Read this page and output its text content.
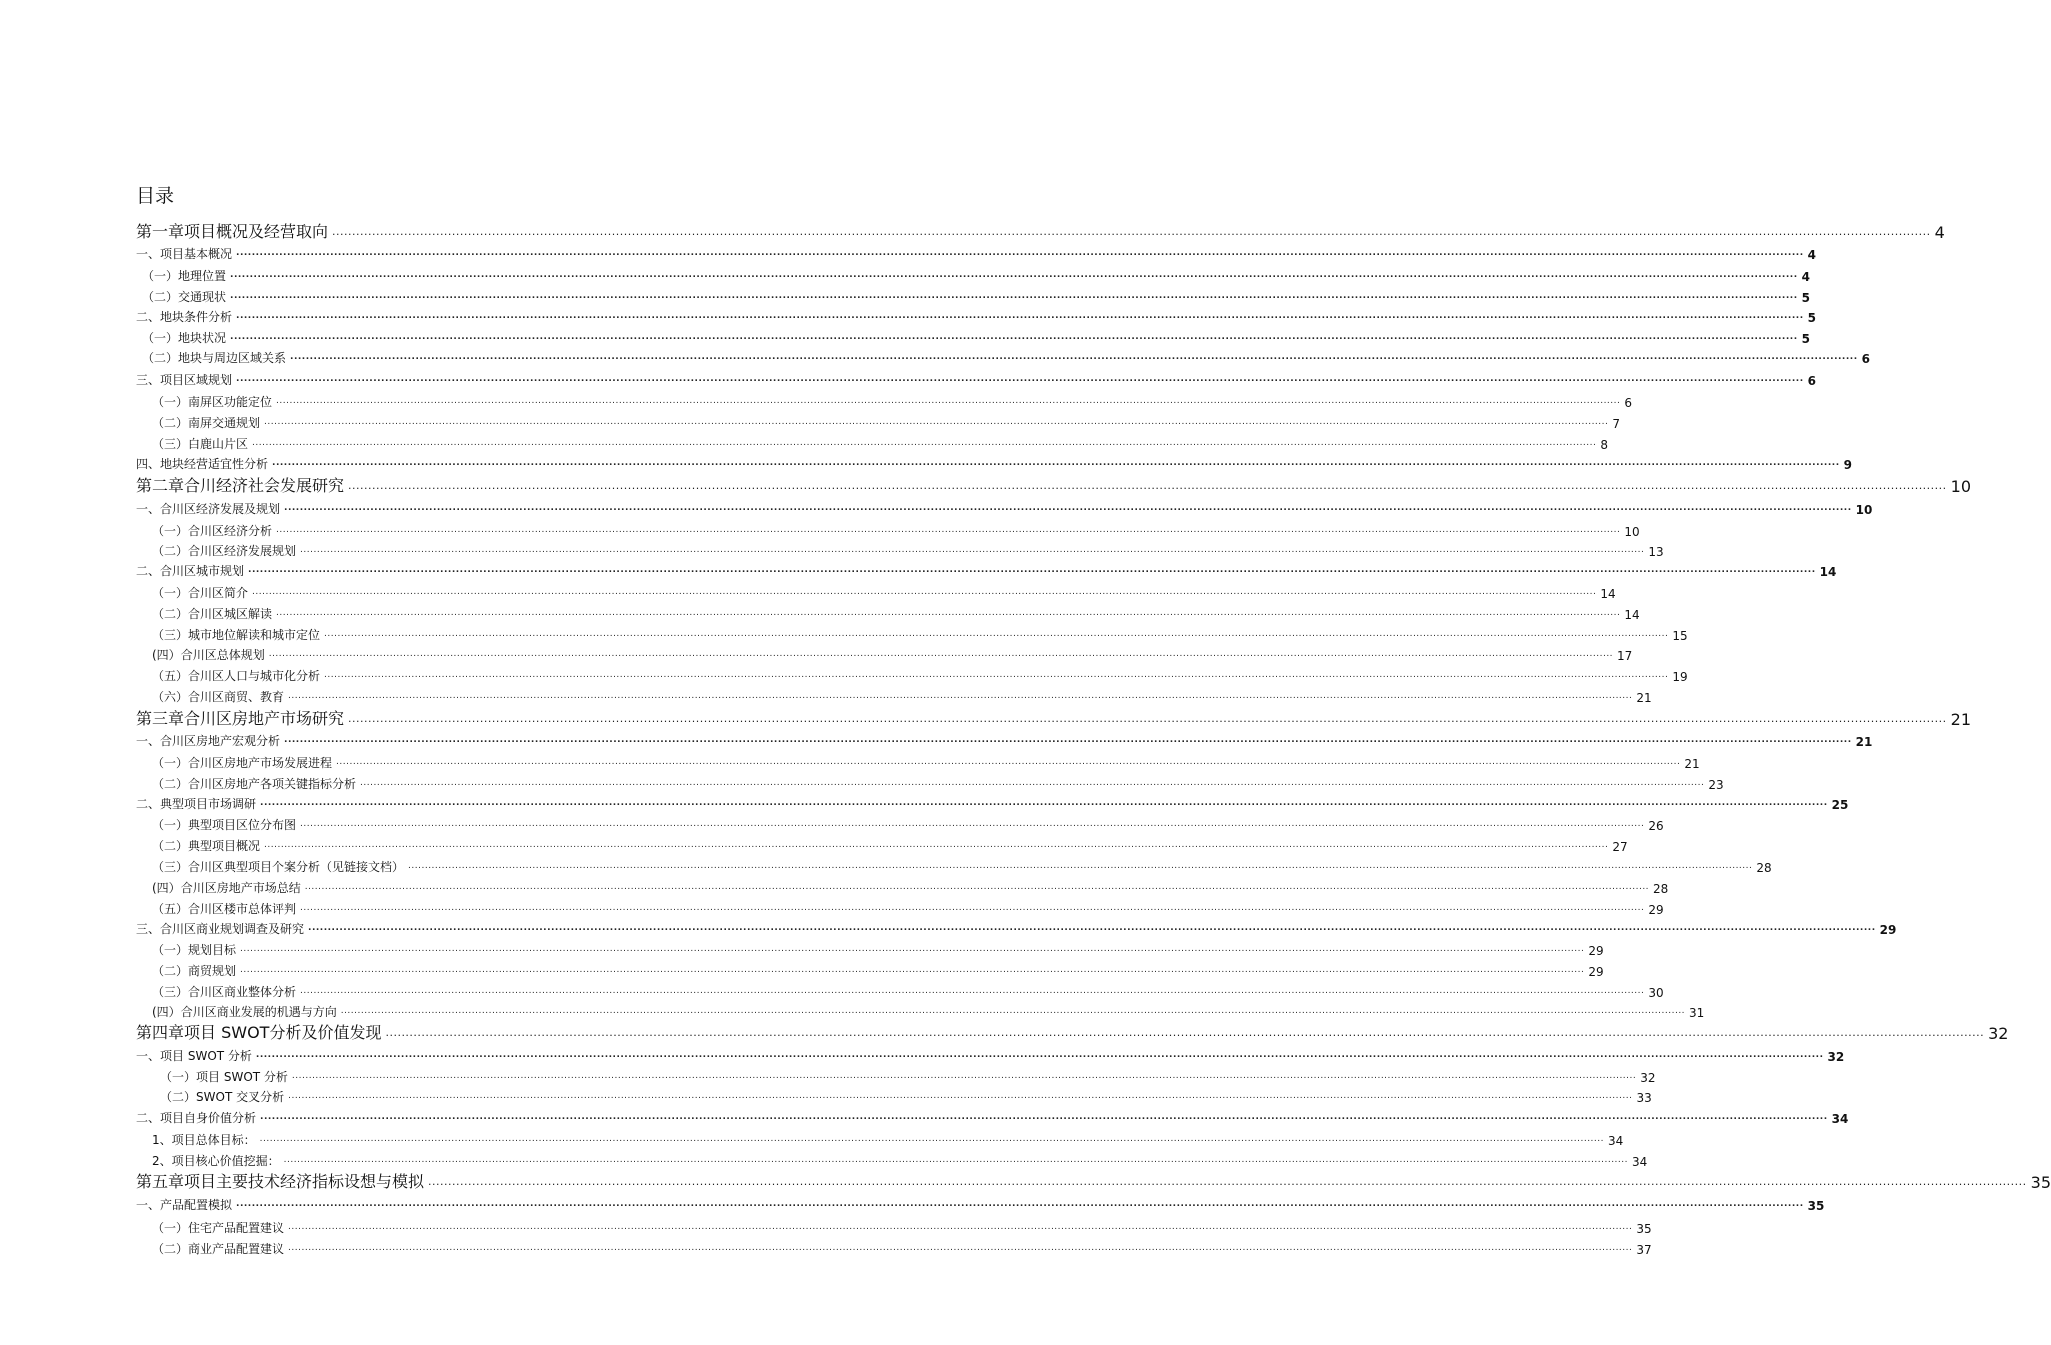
目录
第一章 项目概况及经营取向 ................................................................................................................................................................................................................................................................................................................................................................................................................ 4
一、 项目基本概况 ................................................................................................................................................................................................................................................................................................................................................................................................................ 4
（一） 地理位置 ................................................................................................................................................................................................................................................................................................................................................................................................................ 4
（二） 交通现状 ................................................................................................................................................................................................................................................................................................................................................................................................................ 5
二、 地块条件分析 ................................................................................................................................................................................................................................................................................................................................................................................................................ 5
（一） 地块状况 ................................................................................................................................................................................................................................................................................................................................................................................................................ 5
（二） 地块与周边区域关系 ................................................................................................................................................................................................................................................................................................................................................................................................................ 6
三、 项目区域规划 ................................................................................................................................................................................................................................................................................................................................................................................................................ 6
（一） 南屏区功能定位 ................................................................................................................................................................................................................................................................................................................................................................................................................ 6
（二） 南屏交通规划 ................................................................................................................................................................................................................................................................................................................................................................................................................ 7
（三） 白鹿山片区 ................................................................................................................................................................................................................................................................................................................................................................................................................ 8
四、 地块经营适宜性分析 ................................................................................................................................................................................................................................................................................................................................................................................................................ 9
第二章 合川经济社会发展研究 ................................................................................................................................................................................................................................................................................................................................................................................................................ 10
一、 合川区经济发展及规划 ................................................................................................................................................................................................................................................................................................................................................................................................................ 10
（一） 合川区经济分析 ................................................................................................................................................................................................................................................................................................................................................................................................................ 10
（二） 合川区经济发展规划 ................................................................................................................................................................................................................................................................................................................................................................................................................ 13
二、 合川区城市规划 ................................................................................................................................................................................................................................................................................................................................................................................................................ 14
（一） 合川区简介 ................................................................................................................................................................................................................................................................................................................................................................................................................ 14
（二） 合川区城区解读 ................................................................................................................................................................................................................................................................................................................................................................................................................ 14
（三） 城市地位解读和城市定位 ................................................................................................................................................................................................................................................................................................................................................................................................................ 15
(四） 合川区总体规划 ................................................................................................................................................................................................................................................................................................................................................................................................................ 17
（五） 合川区人口与城市化分析 ................................................................................................................................................................................................................................................................................................................................................................................................................ 19
（六） 合川区商贸、教育 ................................................................................................................................................................................................................................................................................................................................................................................................................ 21
第三章 合川区房地产市场研究 ................................................................................................................................................................................................................................................................................................................................................................................................................ 21
一、 合川区房地产宏观分析 ................................................................................................................................................................................................................................................................................................................................................................................................................ 21
（一） 合川区房地产市场发展进程 ................................................................................................................................................................................................................................................................................................................................................................................................................ 21
（二） 合川区房地产各项关键指标分析 ................................................................................................................................................................................................................................................................................................................................................................................................................ 23
二、 典型项目市场调研 ................................................................................................................................................................................................................................................................................................................................................................................................................ 25
（一） 典型项目区位分布图 ................................................................................................................................................................................................................................................................................................................................................................................................................ 26
（二） 典型项目概况 ................................................................................................................................................................................................................................................................................................................................................................................................................ 27
（三） 合川区典型项目个案分析（见链接文档） ................................................................................................................................................................................................................................................................................................................................................................................................................ 28
(四） 合川区房地产市场总结 ................................................................................................................................................................................................................................................................................................................................................................................................................ 28
（五） 合川区楼市总体评判 ................................................................................................................................................................................................................................................................................................................................................................................................................ 29
三、 合川区商业规划调查及研究 ................................................................................................................................................................................................................................................................................................................................................................................................................ 29
（一） 规划目标 ................................................................................................................................................................................................................................................................................................................................................................................................................ 29
（二） 商贸规划 ................................................................................................................................................................................................................................................................................................................................................................................................................ 29
（三） 合川区商业整体分析 ................................................................................................................................................................................................................................................................................................................................................................................................................ 30
(四） 合川区商业发展的机遇与方向 ................................................................................................................................................................................................................................................................................................................................................................................................................ 31
第四章 项目 SWOT分析及价值发现 ................................................................................................................................................................................................................................................................................................................................................................................................................ 32
一、 项目 SWOT 分析 ................................................................................................................................................................................................................................................................................................................................................................................................................ 32
（一） 项目 SWOT 分析 ................................................................................................................................................................................................................................................................................................................................................................................................................ 32
（二） SWOT 交叉分析 ................................................................................................................................................................................................................................................................................................................................................................................................................ 33
二、 项目自身价值分析 ................................................................................................................................................................................................................................................................................................................................................................................................................ 34
1、 项目总体目标： ................................................................................................................................................................................................................................................................................................................................................................................................................ 34
2、 项目核心价值挖掘： ................................................................................................................................................................................................................................................................................................................................................................................................................ 34
第五章 项目主要技术经济指标设想与模拟 ................................................................................................................................................................................................................................................................................................................................................................................................................ 35
一、 产品配置模拟 ................................................................................................................................................................................................................................................................................................................................................................................................................ 35
（一） 住宅产品配置建议 ................................................................................................................................................................................................................................................................................................................................................................................................................ 35
（二） 商业产品配置建议 ................................................................................................................................................................................................................................................................................................................................................................................................................ 37
